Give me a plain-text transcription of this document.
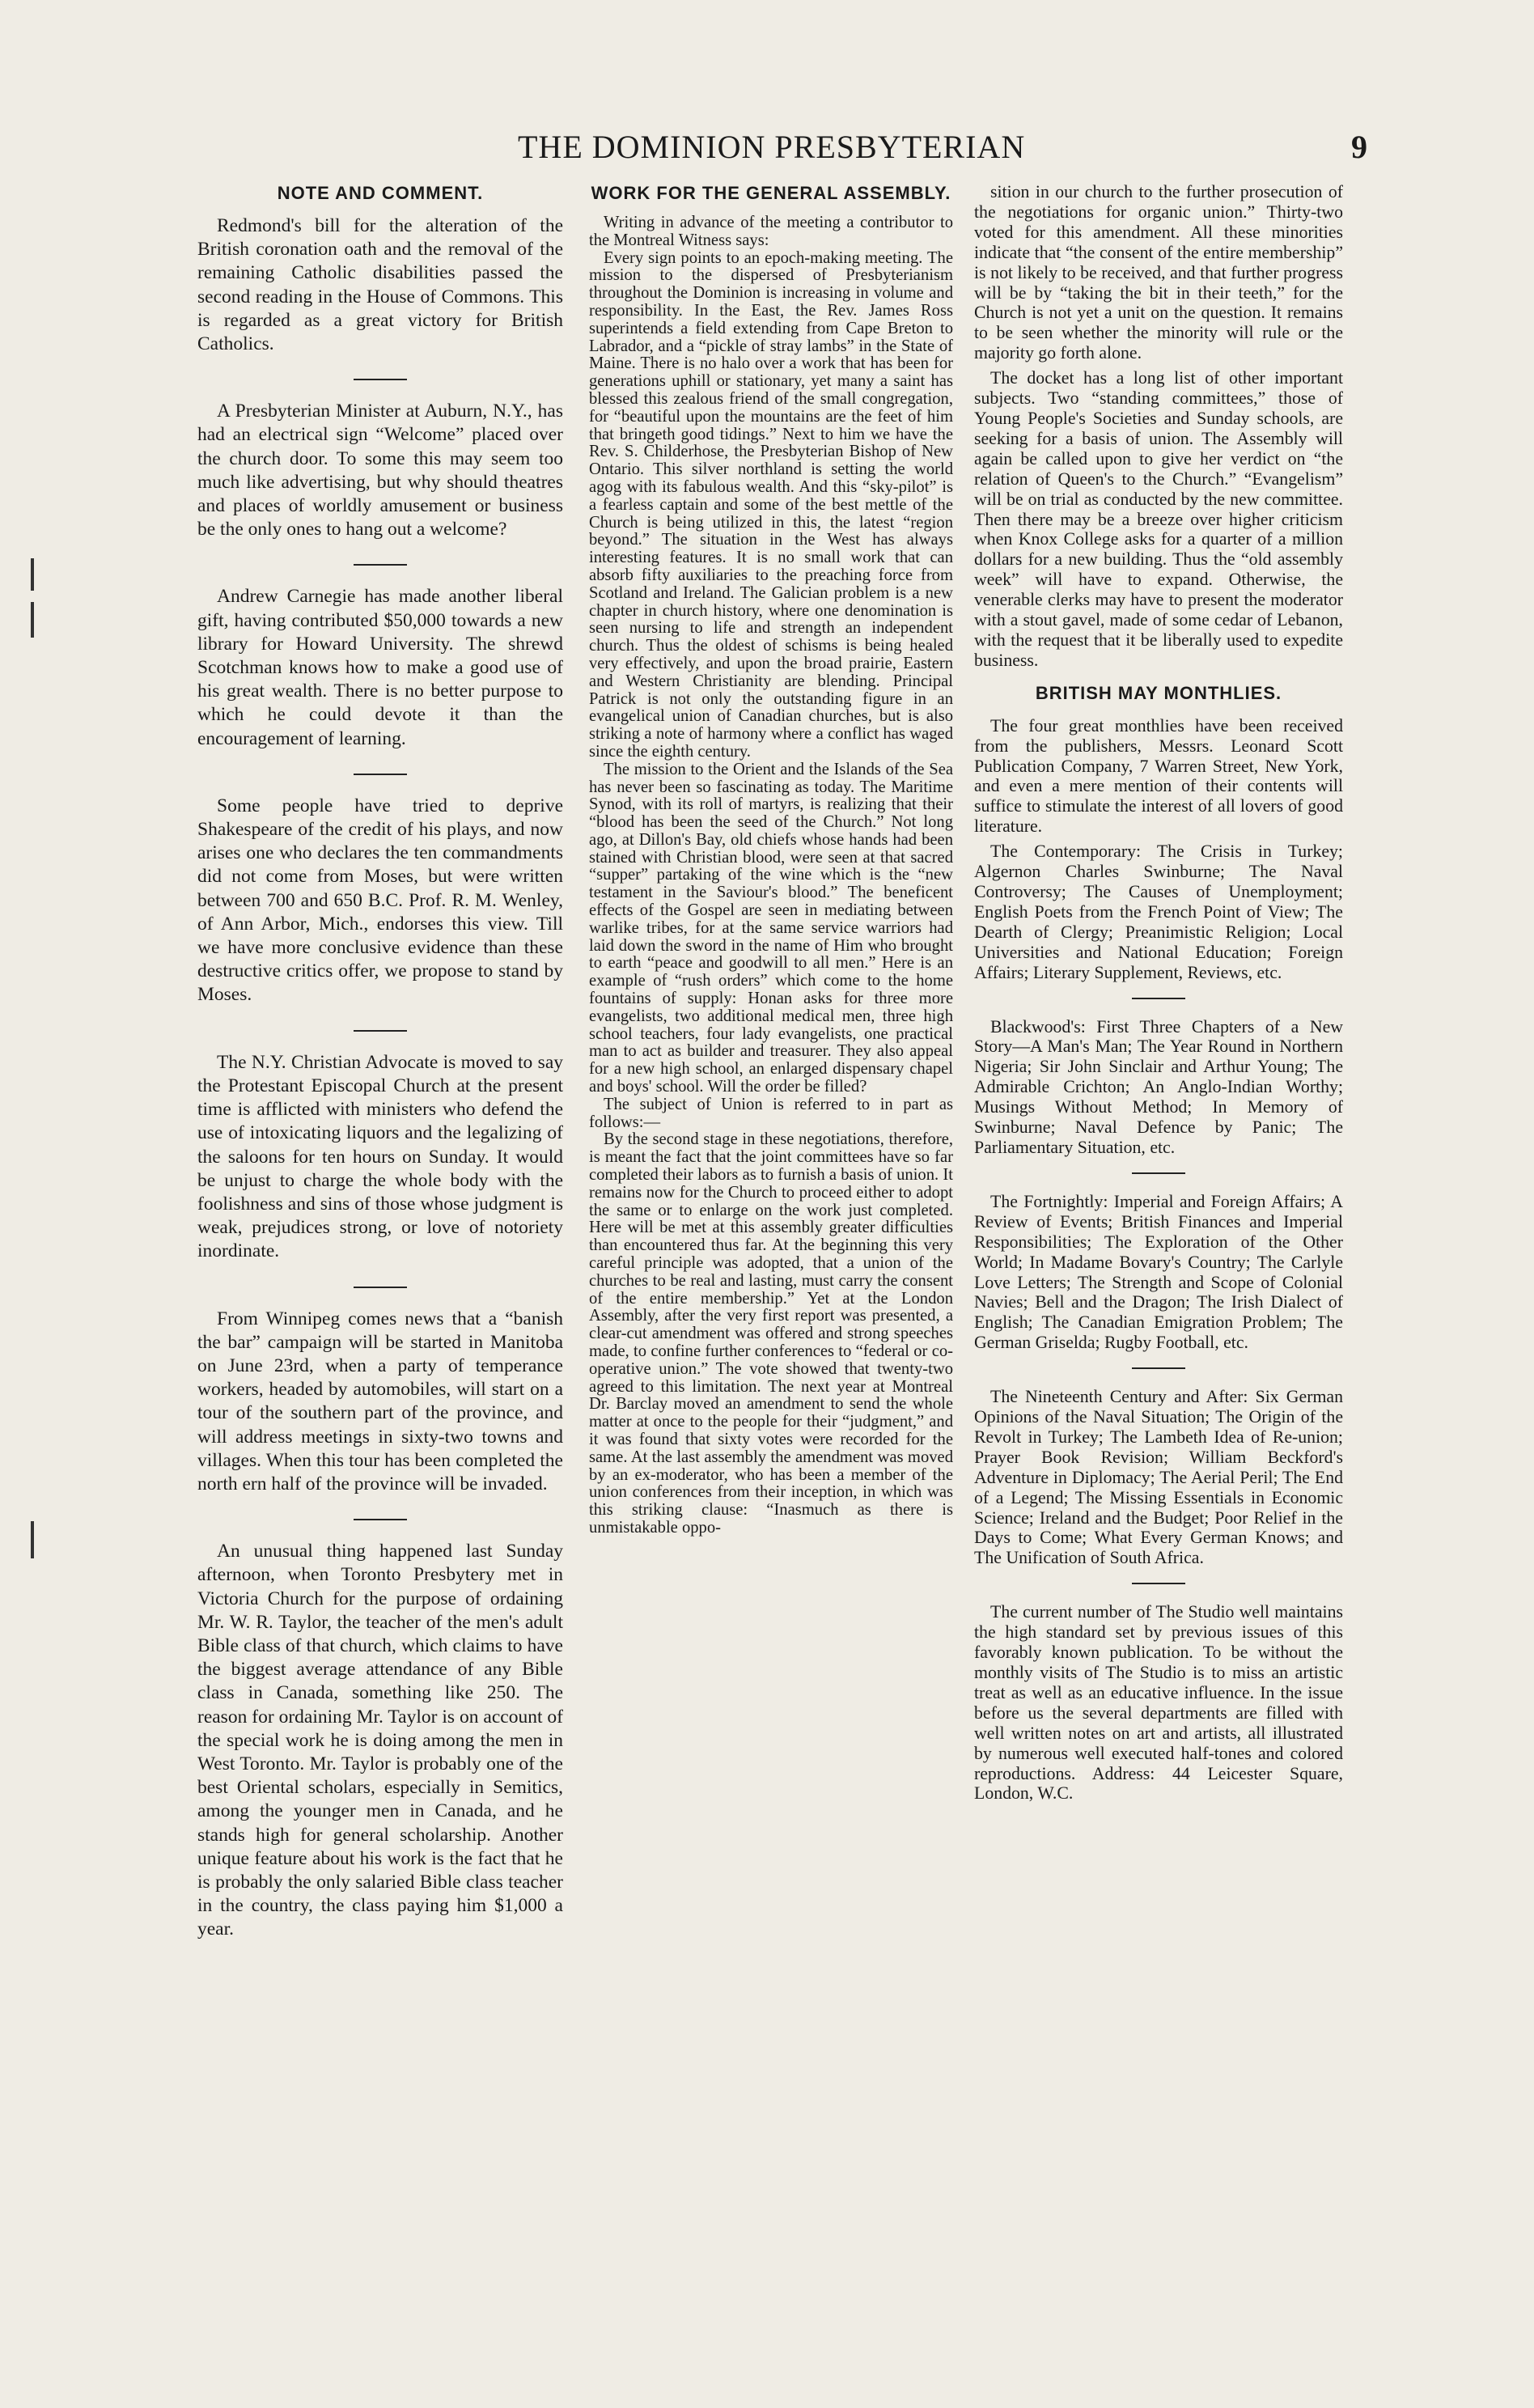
THE DOMINION PRESBYTERIAN	9
NOTE AND COMMENT.

Redmond's bill for the alteration of the British coronation oath and the removal of the remaining Catholic disabilities passed the second reading in the House of Commons. This is regarded as a great victory for British Catholics.

A Presbyterian Minister at Auburn, N.Y., has had an electrical sign “Welcome” placed over the church door. To some this may seem too much like advertising, but why should theatres and places of worldly amusement or business be the only ones to hang out a welcome?

Andrew Carnegie has made another liberal gift, having contributed $50,000 towards a new library for Howard University. The shrewd Scotchman knows how to make a good use of his great wealth. There is no better purpose to which he could devote it than the encouragement of learning.

Some people have tried to deprive Shakespeare of the credit of his plays, and now arises one who declares the ten commandments did not come from Moses, but were written between 700 and 650 B.C. Prof. R. M. Wenley, of Ann Arbor, Mich., endorses this view. Till we have more conclusive evidence than these destructive critics offer, we propose to stand by Moses.

The N.Y. Christian Advocate is moved to say the Protestant Episcopal Church at the present time is afflicted with ministers who defend the use of intoxicating liquors and the legalizing of the saloons for ten hours on Sunday. It would be unjust to charge the whole body with the foolishness and sins of those whose judgment is weak, prejudices strong, or love of notoriety inordinate.

From Winnipeg comes news that a “banish the bar” campaign will be started in Manitoba on June 23rd, when a party of temperance workers, headed by automobiles, will start on a tour of the southern part of the province, and will address meetings in sixty-two towns and villages. When this tour has been completed the north ern half of the province will be invaded.

An unusual thing happened last Sunday afternoon, when Toronto Presbytery met in Victoria Church for the purpose of ordaining Mr. W. R. Taylor, the teacher of the men's adult Bible class of that church, which claims to have the biggest average attendance of any Bible class in Canada, something like 250. The reason for ordaining Mr. Taylor is on account of the special work he is doing among the men in West Toronto. Mr. Taylor is probably one of the best Oriental scholars, especially in Semitics, among the younger men in Canada, and he stands high for general scholarship. Another unique feature about his work is the fact that he is probably the only salaried Bible class teacher in the country, the class paying him $1,000 a year.

WORK FOR THE GENERAL ASSEMBLY.

Writing in advance of the meeting a contributor to the Montreal Witness says:

Every sign points to an epoch-making meeting. The mission to the dispersed of Presbyterianism throughout the Dominion is increasing in volume and responsibility. In the East, the Rev. James Ross superintends a field extending from Cape Breton to Labrador, and a “pickle of stray lambs” in the State of Maine. There is no halo over a work that has been for generations uphill or stationary, yet many a saint has blessed this zealous friend of the small congregation, for “beautiful upon the mountains are the feet of him that bringeth good tidings.” Next to him we have the Rev. S. Childerhose, the Presbyterian Bishop of New Ontario. This silver northland is setting the world agog with its fabulous wealth. And this “sky-pilot” is a fearless captain and some of the best mettle of the Church is being utilized in this, the latest “region beyond.” The situation in the West has always interesting features. It is no small work that can absorb fifty auxiliaries to the preaching force from Scotland and Ireland. The Galician problem is a new chapter in church history, where one denomination is seen nursing to life and strength an independent church. Thus the oldest of schisms is being healed very effectively, and upon the broad prairie, Eastern and Western Christianity are blending. Principal Patrick is not only the outstanding figure in an evangelical union of Canadian churches, but is also striking a note of harmony where a conflict has waged since the eighth century.

The mission to the Orient and the Islands of the Sea has never been so fascinating as today. The Maritime Synod, with its roll of martyrs, is realizing that their “blood has been the seed of the Church.” Not long ago, at Dillon's Bay, old chiefs whose hands had been stained with Christian blood, were seen at that sacred “supper” partaking of the wine which is the “new testament in the Saviour's blood.” The beneficent effects of the Gospel are seen in mediating between warlike tribes, for at the same service warriors had laid down the sword in the name of Him who brought to earth “peace and goodwill to all men.” Here is an example of “rush orders” which come to the home fountains of supply: Honan asks for three more evangelists, two additional medical men, three high school teachers, four lady evangelists, one practical man to act as builder and treasurer. They also appeal for a new high school, an enlarged dispensary chapel and boys' school. Will the order be filled?

The subject of Union is referred to in part as follows:—

By the second stage in these negotiations, therefore, is meant the fact that the joint committees have so far completed their labors as to furnish a basis of union. It remains now for the Church to proceed either to adopt the same or to enlarge on the work just completed. Here will be met at this assembly greater difficulties than encountered thus far. At the beginning this very careful principle was adopted, that a union of the churches to be real and lasting, must carry the consent of the entire membership.” Yet at the London Assembly, after the very first report was presented, a clear-cut amendment was offered and strong speeches made, to confine further conferences to “federal or co-operative union.” The vote showed that twenty-two agreed to this limitation. The next year at Montreal Dr. Barclay moved an amendment to send the whole matter at once to the people for their “judgment,” and it was found that sixty votes were recorded for the same. At the last assembly the amendment was moved by an ex-moderator, who has been a member of the union conferences from their inception, in which was this striking clause: “Inasmuch as there is unmistakable oppo-

sition in our church to the further prosecution of the negotiations for organic union.” Thirty-two voted for this amendment. All these minorities indicate that “the consent of the entire membership” is not likely to be received, and that further progress will be by “taking the bit in their teeth,” for the Church is not yet a unit on the question. It remains to be seen whether the minority will rule or the majority go forth alone.

The docket has a long list of other important subjects. Two “standing committees,” those of Young People's Societies and Sunday schools, are seeking for a basis of union. The Assembly will again be called upon to give her verdict on “the relation of Queen's to the Church.” “Evangelism” will be on trial as conducted by the new committee. Then there may be a breeze over higher criticism when Knox College asks for a quarter of a million dollars for a new building. Thus the “old assembly week” will have to expand. Otherwise, the venerable clerks may have to present the moderator with a stout gavel, made of some cedar of Lebanon, with the request that it be liberally used to expedite business.

BRITISH MAY MONTHLIES.

The four great monthlies have been received from the publishers, Messrs. Leonard Scott Publication Company, 7 Warren Street, New York, and even a mere mention of their contents will suffice to stimulate the interest of all lovers of good literature.

The Contemporary: The Crisis in Turkey; Algernon Charles Swinburne; The Naval Controversy; The Causes of Unemployment; English Poets from the French Point of View; The Dearth of Clergy; Preanimistic Religion; Local Universities and National Education; Foreign Affairs; Literary Supplement, Reviews, etc.

Blackwood's: First Three Chapters of a New Story—A Man's Man; The Year Round in Northern Nigeria; Sir John Sinclair and Arthur Young; The Admirable Crichton; An Anglo-Indian Worthy; Musings Without Method; In Memory of Swinburne; Naval Defence by Panic; The Parliamentary Situation, etc.

The Fortnightly: Imperial and Foreign Affairs; A Review of Events; British Finances and Imperial Responsibilities; The Exploration of the Other World; In Madame Bovary's Country; The Carlyle Love Letters; The Strength and Scope of Colonial Navies; Bell and the Dragon; The Irish Dialect of English; The Canadian Emigration Problem; The German Griselda; Rugby Football, etc.

The Nineteenth Century and After: Six German Opinions of the Naval Situation; The Origin of the Revolt in Turkey; The Lambeth Idea of Re-union; Prayer Book Revision; William Beckford's Adventure in Diplomacy; The Aerial Peril; The End of a Legend; The Missing Essentials in Economic Science; Ireland and the Budget; Poor Relief in the Days to Come; What Every German Knows; and The Unification of South Africa.

The current number of The Studio well maintains the high standard set by previous issues of this favorably known publication. To be without the monthly visits of The Studio is to miss an artistic treat as well as an educative influence. In the issue before us the several departments are filled with well written notes on art and artists, all illustrated by numerous well executed half-tones and colored reproductions. Address: 44 Leicester Square, London, W.C.
